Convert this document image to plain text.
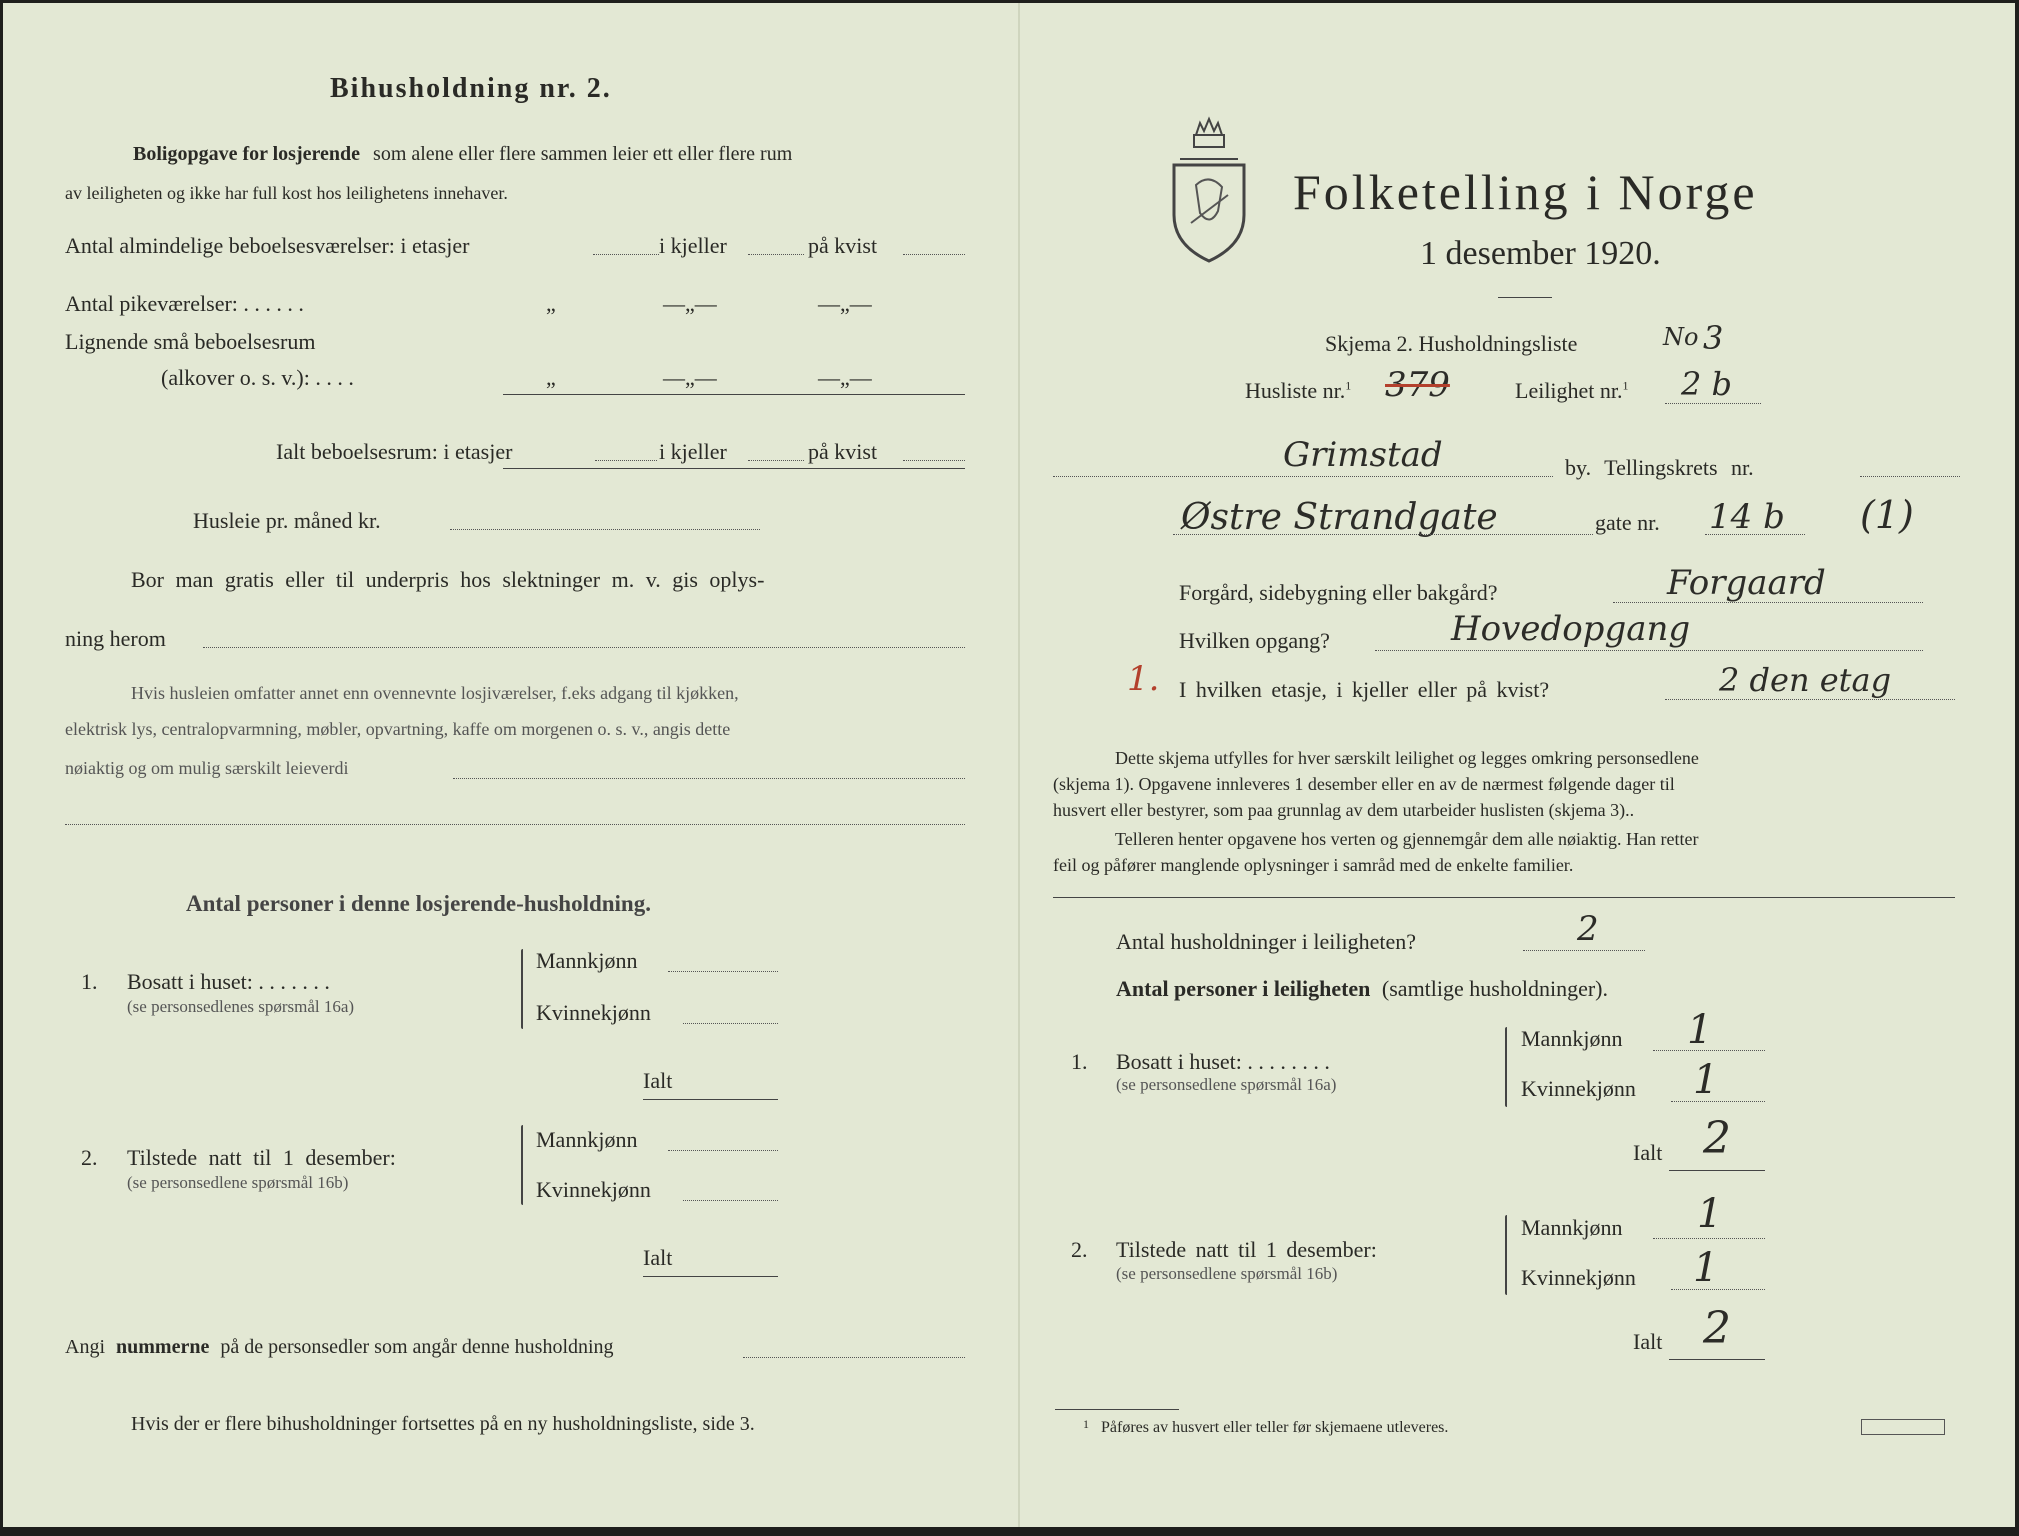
Bihusholdning nr. 2.
Boligopgave for losjerende som alene eller flere sammen leier ett eller flere rum
av leiligheten og ikke har full kost hos leilighetens innehaver.
Antal almindelige beboelsesværelser: i etasjer	i kjeller	på kvist
Antal pikeværelser: . . . . . .	„	—„—	—„—
Lignende små beboelsesrum
(alkover o. s. v.): . . . .	„	—„—	—„—
Ialt beboelsesrum: i etasjer	i kjeller	på kvist
Husleie pr. måned kr.
Bor man gratis eller til underpris hos slektninger m. v. gis oplys-
ning herom
Hvis husleien omfatter annet enn ovennevnte losjiværelser, f.eks adgang til kjøkken,
elektrisk lys, centralopvarmning, møbler, opvartning, kaffe om morgenen o. s. v., angis dette
nøiaktig og om mulig særskilt leieverdi
Antal personer i denne losjerende-husholdning.
1. Bosatt i huset: . . . . . . .
(se personsedlenes spørsmål 16a)
Mannkjønn
Kvinnekjønn
Ialt
2. Tilstede natt til 1 desember:
(se personsedlene spørsmål 16b)
Mannkjønn
Kvinnekjønn
Ialt
Angi nummerne på de personsedler som angår denne husholdning
Hvis der er flere bihusholdninger fortsettes på en ny husholdningsliste, side 3.
Folketelling i Norge
1 desember 1920.
Skjema 2. Husholdningsliste	No 3
Husliste nr.$^1$ 379	Leilighet nr.$^1$ 2 b
Grimstad	by. Tellingskrets nr.
Østre Strandgate	gate nr. 14 b (1)
Forgård, sidebygning eller bakgård?	Forgaard
Hvilken opgang?	Hovedopgang
1. I hvilken etasje, i kjeller eller på kvist?	2 den etag
Dette skjema utfylles for hver særskilt leilighet og legges omkring personsedlene
(skjema 1). Opgavene innleveres 1 desember eller en av de nærmest følgende dager til
husvert eller bestyrer, som paa grunnlag av dem utarbeider huslisten (skjema 3)..
Telleren henter opgavene hos verten og gjennemgår dem alle nøiaktig. Han retter
feil og påfører manglende oplysninger i samråd med de enkelte familier.
Antal husholdninger i leiligheten?	2
Antal personer i leiligheten (samtlige husholdninger).
1. Bosatt i huset: . . . . . . . .
(se personsedlene spørsmål 16a)
Mannkjønn 1
Kvinnekjønn 1
Ialt 2
2. Tilstede natt til 1 desember:
(se personsedlene spørsmål 16b)
Mannkjønn 1
Kvinnekjønn 1
Ialt 2
1 Påføres av husvert eller teller før skjemaene utleveres.
